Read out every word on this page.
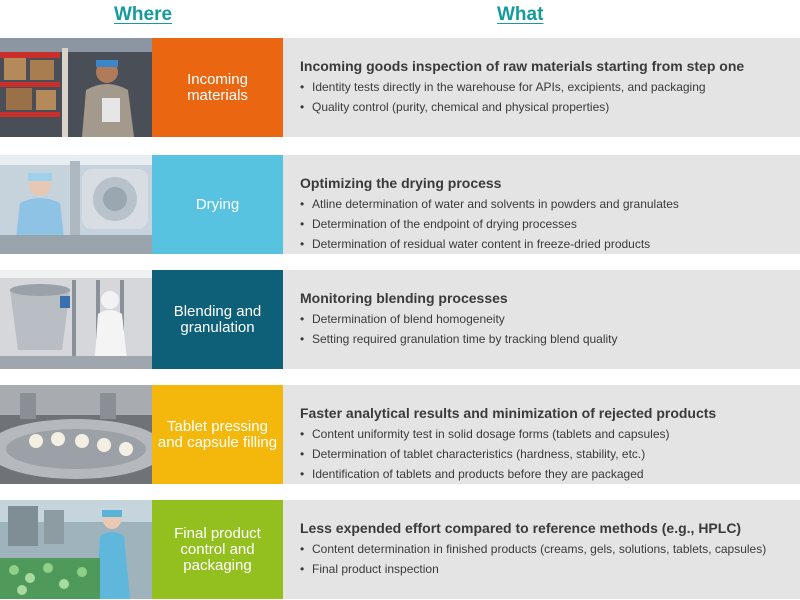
Where	What
Incoming materials
Incoming goods inspection of raw materials starting from step one
• Identity tests directly in the warehouse for APIs, excipients, and packaging
• Quality control (purity, chemical and physical properties)
Drying
Optimizing the drying process
• Atline determination of water and solvents in powders and granulates
• Determination of the endpoint of drying processes
• Determination of residual water content in freeze-dried products
Blending and granulation
Monitoring blending processes
• Determination of blend homogeneity
• Setting required granulation time by tracking blend quality
Tablet pressing and capsule filling
Faster analytical results and minimization of rejected products
• Content uniformity test in solid dosage forms (tablets and capsules)
• Determination of tablet characteristics (hardness, stability, etc.)
• Identification of tablets and products before they are packaged
Final product control and packaging
Less expended effort compared to reference methods (e.g., HPLC)
• Content determination in finished products (creams, gels, solutions, tablets, capsules)
• Final product inspection
